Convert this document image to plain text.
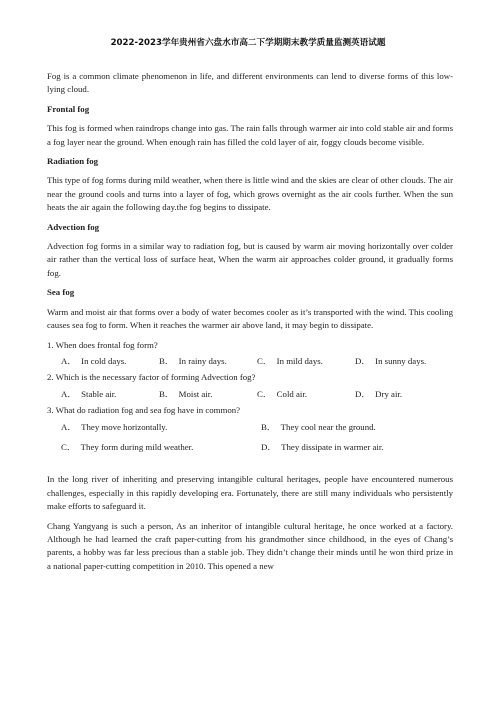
2022-2023学年贵州省六盘水市高二下学期期末教学质量监测英语试题

Fog is a common climate phenomenon in life, and different environments can lend to diverse forms of this low-lying cloud.

Frontal fog

This fog is formed when raindrops change into gas. The rain falls through warmer air into cold stable air and forms a fog layer near the ground. When enough rain has filled the cold layer of air, foggy clouds become visible.

Radiation fog

This type of fog forms during mild weather, when there is little wind and the skies are clear of other clouds. The air near the ground cools and turns into a layer of fog, which grows overnight as the air cools further. When the sun heats the air again the following day.the fog begins to dissipate.

Advection fog

Advection fog forms in a similar way to radiation fog, but is caused by warm air moving horizontally over colder air rather than the vertical loss of surface heat, When the warm air approaches colder ground, it gradually forms fog.

Sea fog

Warm and moist air that forms over a body of water becomes cooler as it’s transported with the wind. This cooling causes sea fog to form. When it reaches the warmer air above land, it may begin to dissipate.

1. When does frontal fog form?

A． In cold days.	B． In rainy days.	C． In mild days.	D． In sunny days.

2. Which is the necessary factor of forming Advection fog?

A． Stable air.	B． Moist air.	C． Cold air.	D． Dry air.

3. What do radiation fog and sea fog have in common?

A． They move horizontally.	B． They cool near the ground.
C． They form during mild weather.	D． They dissipate in warmer air.

In the long river of inheriting and preserving intangible cultural heritages, people have encountered numerous challenges, especially in this rapidly developing era. Fortunately, there are still many individuals who persistently make efforts to safeguard it.

Chang Yangyang is such a person, As an inheritor of intangible cultural heritage, he once worked at a factory. Although he had learned the craft paper-cutting from his grandmother since childhood, in the eyes of Chang’s parents, a hobby was far less precious than a stable job. They didn’t change their minds until he won third prize in a national paper-cutting competition in 2010. This opened a new
